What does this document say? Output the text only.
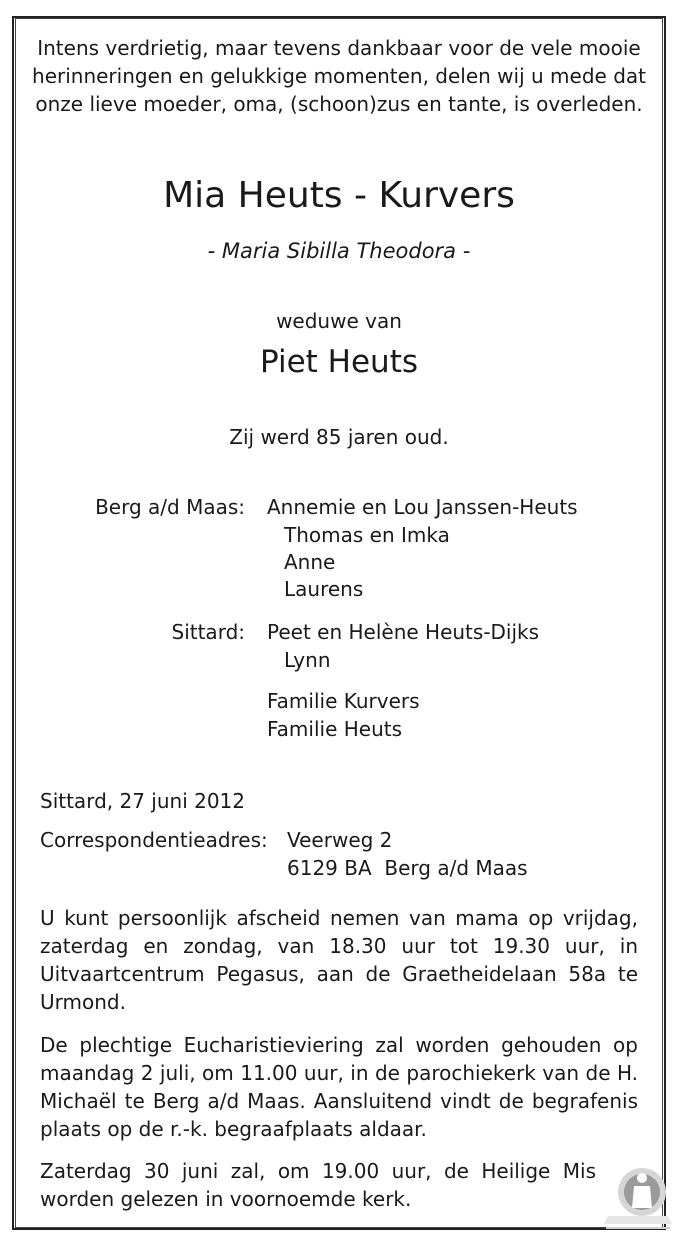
Intens verdrietig, maar tevens dankbaar voor de vele mooie herinneringen en gelukkige momenten, delen wij u mede dat onze lieve moeder, oma, (schoon)zus en tante, is overleden.
Mia Heuts - Kurvers
- Maria Sibilla Theodora -
weduwe van
Piet Heuts
Zij werd 85 jaren oud.
Berg a/d Maas: Annemie en Lou Janssen-Heuts
Thomas en Imka
Anne
Laurens
Sittard: Peet en Helène Heuts-Dijks
Lynn
Familie Kurvers
Familie Heuts
Sittard, 27 juni 2012
Correspondentieadres: Veerweg 2
6129 BA  Berg a/d Maas
U kunt persoonlijk afscheid nemen van mama op vrijdag, zaterdag en zondag, van 18.30 uur tot 19.30 uur, in Uitvaartcentrum Pegasus, aan de Graetheidelaan 58a te Urmond.
De plechtige Eucharistieviering zal worden gehouden op maandag 2 juli, om 11.00 uur, in de parochiekerk van de H. Michaël te Berg a/d Maas. Aansluitend vindt de begrafenis plaats op de r.-k. begraafplaats aldaar.
Zaterdag 30 juni zal, om 19.00 uur, de Heilige Mis worden gelezen in voornoemde kerk.
